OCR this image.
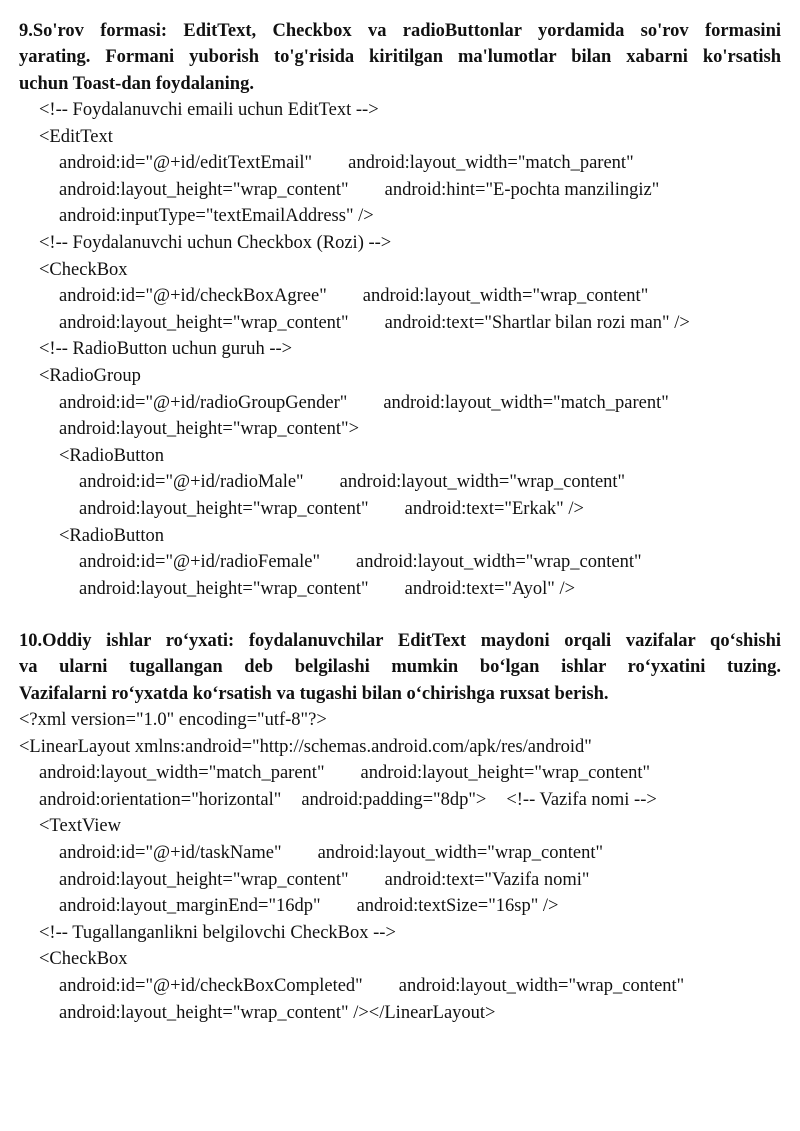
9.So'rov formasi: EditText, Checkbox va radioButtonlar yordamida so'rov formasini
yarating. Formani yuborish to'g'risida kiritilgan ma'lumotlar bilan xabarni ko'rsatish
uchun Toast-dan foydalaning.
<!-- Foydalanuvchi emaili uchun EditText -->
<EditText
android:id="@+id/editTextEmail" android:layout_width="match_parent"
android:layout_height="wrap_content" android:hint="E-pochta manzilingiz"
android:inputType="textEmailAddress" />
<!-- Foydalanuvchi uchun Checkbox (Rozi) -->
<CheckBox
android:id="@+id/checkBoxAgree" android:layout_width="wrap_content"
android:layout_height="wrap_content" android:text="Shartlar bilan rozi man" />
<!-- RadioButton uchun guruh -->
<RadioGroup
android:id="@+id/radioGroupGender" android:layout_width="match_parent"
android:layout_height="wrap_content">
<RadioButton
android:id="@+id/radioMale" android:layout_width="wrap_content"
android:layout_height="wrap_content" android:text="Erkak" />
<RadioButton
android:id="@+id/radioFemale" android:layout_width="wrap_content"
android:layout_height="wrap_content" android:text="Ayol" />
10.Oddiy ishlar ro‘yxati: foydalanuvchilar EditText maydoni orqali vazifalar qo‘shishi
va ularni tugallangan deb belgilashi mumkin bo‘lgan ishlar ro‘yxatini tuzing.
Vazifalarni ro‘yxatda ko‘rsatish va tugashi bilan o‘chirishga ruxsat berish.
<?xml version="1.0" encoding="utf-8"?>
<LinearLayout xmlns:android="http://schemas.android.com/apk/res/android"
android:layout_width="match_parent" android:layout_height="wrap_content"
android:orientation="horizontal" android:padding="8dp"> <!-- Vazifa nomi -->
<TextView
android:id="@+id/taskName" android:layout_width="wrap_content"
android:layout_height="wrap_content" android:text="Vazifa nomi"
android:layout_marginEnd="16dp" android:textSize="16sp" />
<!-- Tugallanganlikni belgilovchi CheckBox -->
<CheckBox
android:id="@+id/checkBoxCompleted" android:layout_width="wrap_content"
android:layout_height="wrap_content" /></LinearLayout>
